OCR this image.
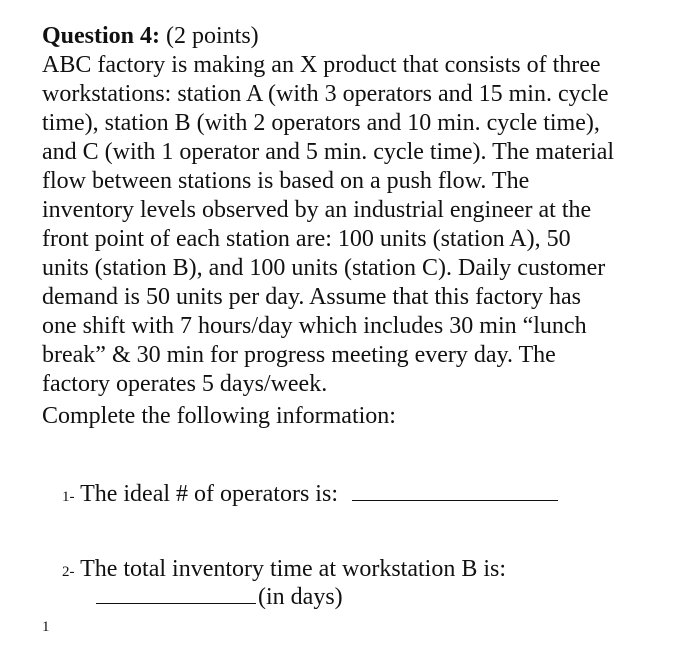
Question 4: (2 points)

ABC factory is making an X product that consists of three
workstations: station A (with 3 operators and 15 min. cycle
time), station B (with 2 operators and 10 min. cycle time),
and C (with 1 operator and 5 min. cycle time). The material
flow between stations is based on a push flow. The
inventory levels observed by an industrial engineer at the
front point of each station are: 100 units (station A), 50
units (station B), and 100 units (station C). Daily customer
demand is 50 units per day. Assume that this factory has
one shift with 7 hours/day which includes 30 min “lunch
break” & 30 min for progress meeting every day. The
factory operates 5 days/week.
Complete the following information:
1- The ideal # of operators is:
2- The total inventory time at workstation B is:
(in days)
1
